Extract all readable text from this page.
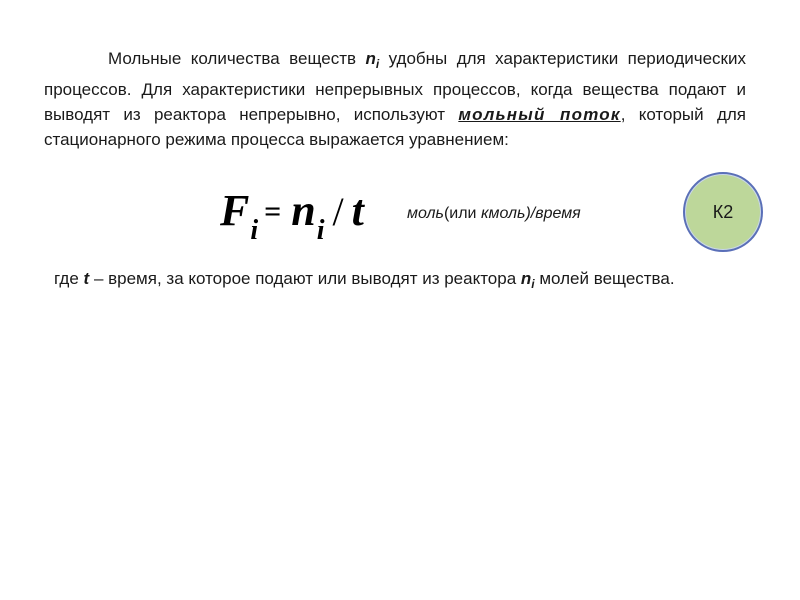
Мольные количества веществ $n_i$ удобны для характеристики периодических процессов. Для характеристики непрерывных процессов, когда вещества подают и выводят из реактора непрерывно, используют мольный поток, который для стационарного режима процесса выражается уравнением:

Fi= ni / t	моль(или кмоль)/время	К2

где t – время, за которое подают или выводят из реактора $n_i$ молей вещества.
